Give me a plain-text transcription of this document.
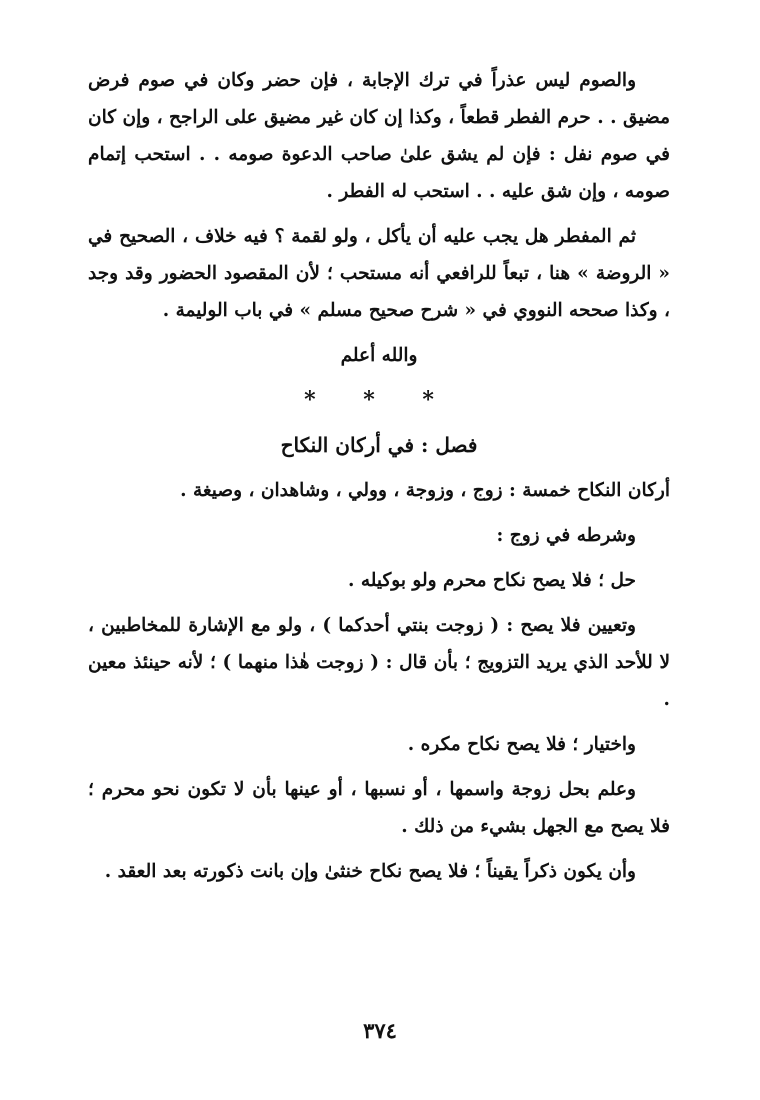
والصوم ليس عذراً في ترك الإجابة ، فإن حضر وكان في صوم فرض مضيق . . حرم الفطر قطعاً ، وكذا إن كان غير مضيق على الراجح ، وإن كان في صوم نفل : فإن لم يشق علىٰ صاحب الدعوة صومه . . استحب إتمام صومه ، وإن شق عليه . . استحب له الفطر .

ثم المفطر هل يجب عليه أن يأكل ، ولو لقمة ؟ فيه خلاف ، الصحيح في « الروضة » هنا ، تبعاً للرافعي أنه مستحب ؛ لأن المقصود الحضور وقد وجد ، وكذا صححه النووي في « شرح صحيح مسلم » في باب الوليمة .

والله أعلم

* * *

فصل : في أركان النكاح

أركان النكاح خمسة : زوج ، وزوجة ، وولي ، وشاهدان ، وصيغة .

وشرطه في زوج :

حل ؛ فلا يصح نكاح محرم ولو بوكيله .

وتعيين فلا يصح : ( زوجت بنتي أحدكما ) ، ولو مع الإشارة للمخاطبين ، لا للأحد الذي يريد التزويج ؛ بأن قال : ( زوجت هٰذا منهما ) ؛ لأنه حينئذ معين .

واختيار ؛ فلا يصح نكاح مكره .

وعلم بحل زوجة واسمها ، أو نسبها ، أو عينها بأن لا تكون نحو محرم ؛ فلا يصح مع الجهل بشيء من ذلك .

وأن يكون ذكراً يقيناً ؛ فلا يصح نكاح خنثىٰ وإن بانت ذكورته بعد العقد .

٣٧٤
